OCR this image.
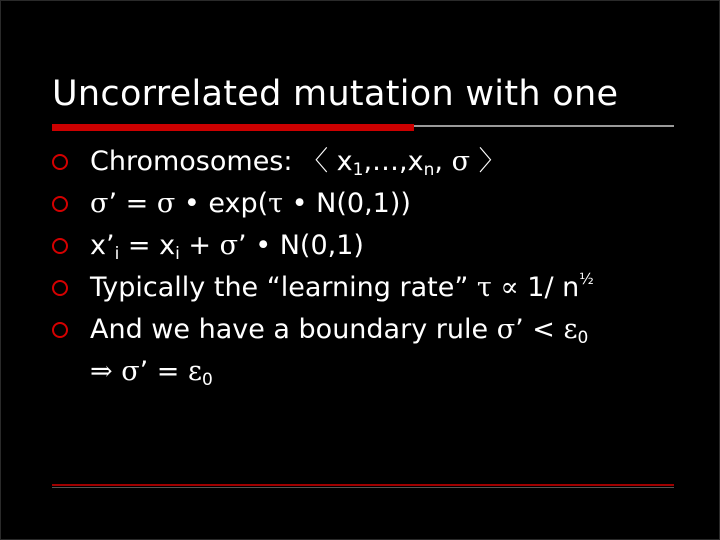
Uncorrelated mutation with one
Chromosomes: 〈 $x_1,\dots,x_n$, σ 〉
σ’ = σ • exp(τ • N(0,1))
$x’_i = x_i + \sigma$’ • N(0,1)
Typically the “learning rate” τ ∝ 1/ $n^{\frac{1}{2}}$
And we have a boundary rule σ’ < $\varepsilon_0$
⇒ σ’ = $\varepsilon_0$
